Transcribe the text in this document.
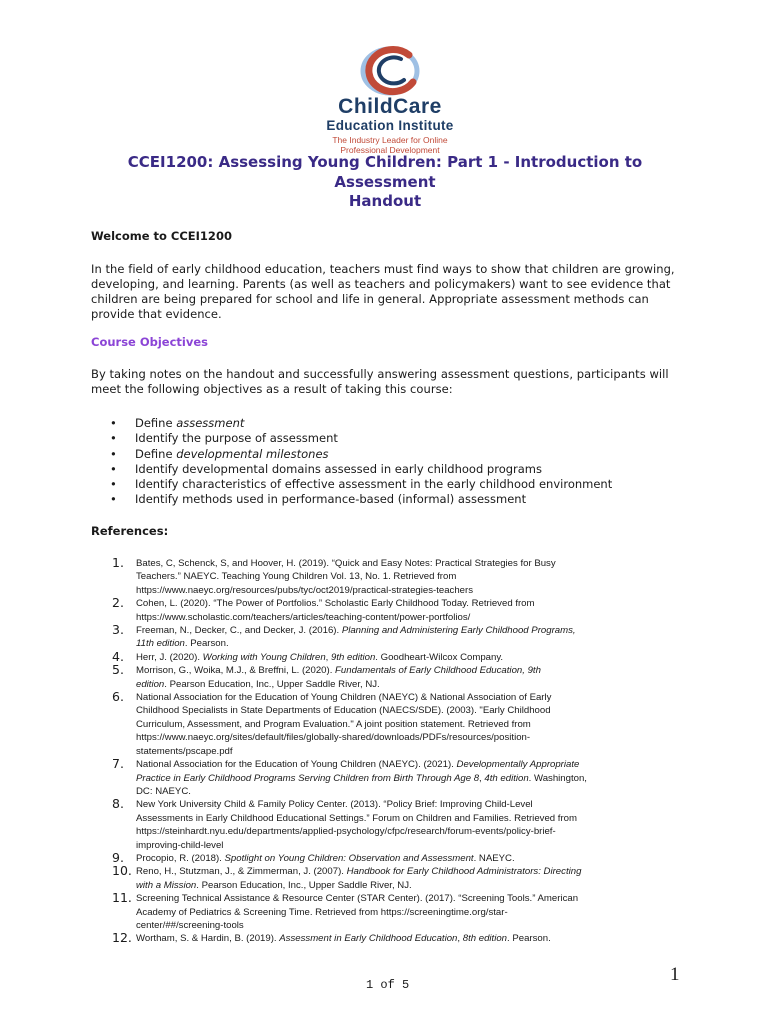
ChildCare
Education Institute
The Industry Leader for Online
Professional Development
CCEI1200: Assessing Young Children: Part 1 - Introduction to
Assessment
Handout
Welcome to CCEI1200
In the field of early childhood education, teachers must find ways to show that children are growing,
developing, and learning. Parents (as well as teachers and policymakers) want to see evidence that
children are being prepared for school and life in general. Appropriate assessment methods can
provide that evidence.
Course Objectives
By taking notes on the handout and successfully answering assessment questions, participants will
meet the following objectives as a result of taking this course:
• Define assessment
• Identify the purpose of assessment
• Define developmental milestones
• Identify developmental domains assessed in early childhood programs
• Identify characteristics of effective assessment in the early childhood environment
• Identify methods used in performance-based (informal) assessment
References:
1. Bates, C, Schenck, S, and Hoover, H. (2019). “Quick and Easy Notes: Practical Strategies for Busy
Teachers.” NAEYC. Teaching Young Children Vol. 13, No. 1. Retrieved from
https://www.naeyc.org/resources/pubs/tyc/oct2019/practical-strategies-teachers
2. Cohen, L. (2020). “The Power of Portfolios.” Scholastic Early Childhood Today. Retrieved from
https://www.scholastic.com/teachers/articles/teaching-content/power-portfolios/
3. Freeman, N., Decker, C., and Decker, J. (2016). Planning and Administering Early Childhood Programs,
11th edition. Pearson.
4. Herr, J. (2020). Working with Young Children, 9th edition. Goodheart-Wilcox Company.
5. Morrison, G., Woika, M.J., & Breffni, L. (2020). Fundamentals of Early Childhood Education, 9th
edition. Pearson Education, Inc., Upper Saddle River, NJ.
6. National Association for the Education of Young Children (NAEYC) & National Association of Early
Childhood Specialists in State Departments of Education (NAECS/SDE). (2003). "Early Childhood
Curriculum, Assessment, and Program Evaluation." A joint position statement. Retrieved from
https://www.naeyc.org/sites/default/files/globally-shared/downloads/PDFs/resources/position-
statements/pscape.pdf
7. National Association for the Education of Young Children (NAEYC). (2021). Developmentally Appropriate
Practice in Early Childhood Programs Serving Children from Birth Through Age 8, 4th edition. Washington,
DC: NAEYC.
8. New York University Child & Family Policy Center. (2013). “Policy Brief: Improving Child-Level
Assessments in Early Childhood Educational Settings.” Forum on Children and Families. Retrieved from
https://steinhardt.nyu.edu/departments/applied-psychology/cfpc/research/forum-events/policy-brief-
improving-child-level
9. Procopio, R. (2018). Spotlight on Young Children: Observation and Assessment. NAEYC.
10. Reno, H., Stutzman, J., & Zimmerman, J. (2007). Handbook for Early Childhood Administrators: Directing
with a Mission. Pearson Education, Inc., Upper Saddle River, NJ.
11. Screening Technical Assistance & Resource Center (STAR Center). (2017). “Screening Tools.” American
Academy of Pediatrics & Screening Time. Retrieved from https://screeningtime.org/star-
center/##/screening-tools
12. Wortham, S. & Hardin, B. (2019). Assessment in Early Childhood Education, 8th edition. Pearson.
1 of 5	1
